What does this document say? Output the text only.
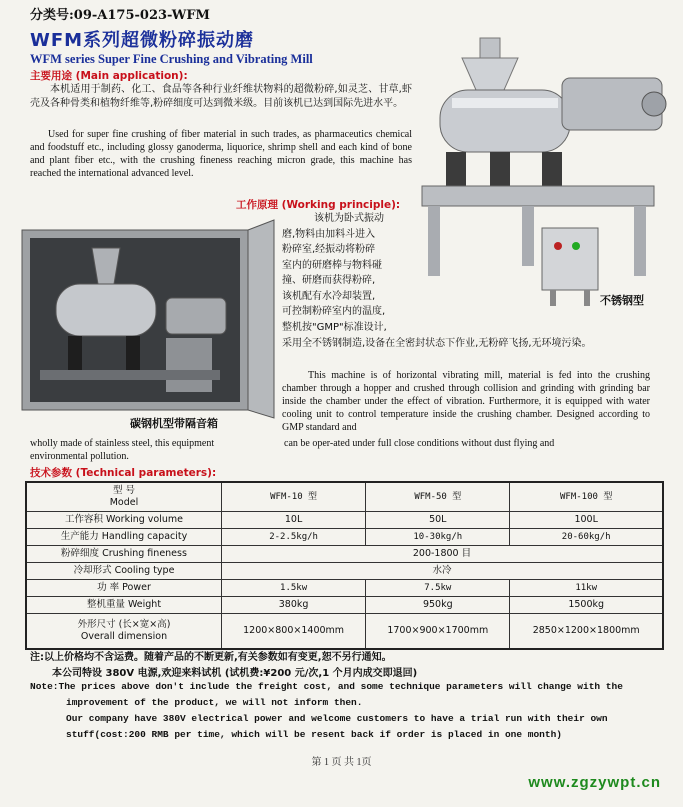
分类号:09-A175-023-WFM
WFM系列超微粉碎振动磨
WFM series Super Fine Crushing and Vibrating Mill
主要用途 (Main application):
本机适用于制药、化工、食品等各种行业纤维状物料的超微粉碎,如灵芝、甘草,虾壳及各种骨类和植物纤维等,粉碎细度可达到微米级。目前该机已达到国际先进水平。
Used for super fine crushing of fiber material in such trades, as pharmaceutics chemical and foodstuff etc., including glossy ganoderma, liquorice, shrimp shell and each kind of bone and plant fiber etc., with the crushing fineness reaching micron grade, this machine has reached the international advanced level.
不锈钢型
碳钢机型带隔音箱
工作原理 (Working principle):
该机为卧式振动
磨,物料由加料斗进入
粉碎室,经振动将粉碎
室内的研磨棒与物料碰
撞、研磨而获得粉碎,
该机配有水冷却装置,
可控制粉碎室内的温度,
整机按"GMP"标准设计,
采用全不锈钢制造,设备在全密封状态下作业,无粉碎飞扬,无环境污染。
This machine is of horizontal vibrating mill, material is fed into the crushing chamber through a hopper and crushed through collision and grinding with grinding bar inside the chamber under the effect of vibration. Furthermore, it is equipped with water cooling unit to control temperature inside the crushing chamber. Designed according to GMP standard and
wholly made of stainless steel, this equipment	can be oper-ated under full close conditions without dust flying and
environmental pollution.
技术参数 (Technical parameters):
型 号
Model	WFM-10 型	WFM-50 型	WFM-100 型
工作容积 Working volume	10L	50L	100L
生产能力 Handling capacity	2-2.5kg/h	10-30kg/h	20-60kg/h
粉碎细度 Crushing fineness	200-1800 目		
冷却形式 Cooling type	水冷		
功 率 Power	1.5kw	7.5kw	11kw
整机重量 Weight	380kg	950kg	1500kg

外形尺寸 (长×宽×高)
Overall dimension	1200×800×1400mm	1700×900×1700mm	2850×1200×1800mm
注:以上价格均不含运费。随着产品的不断更新,有关参数如有变更,恕不另行通知。
本公司特设 380V 电源,欢迎来料试机 (试机费:¥200 元/次,1 个月内成交即退回)
Note:The prices above don't include the freight cost, and some technique parameters will change with the
improvement of the product, we will not inform then.
Our company have 380V electrical power and welcome customers to have a trial run with their own
stuff(cost:200 RMB per time, which will be resent back if order is placed in one month)
第 1 页 共 1页
www.zgzywpt.cn
